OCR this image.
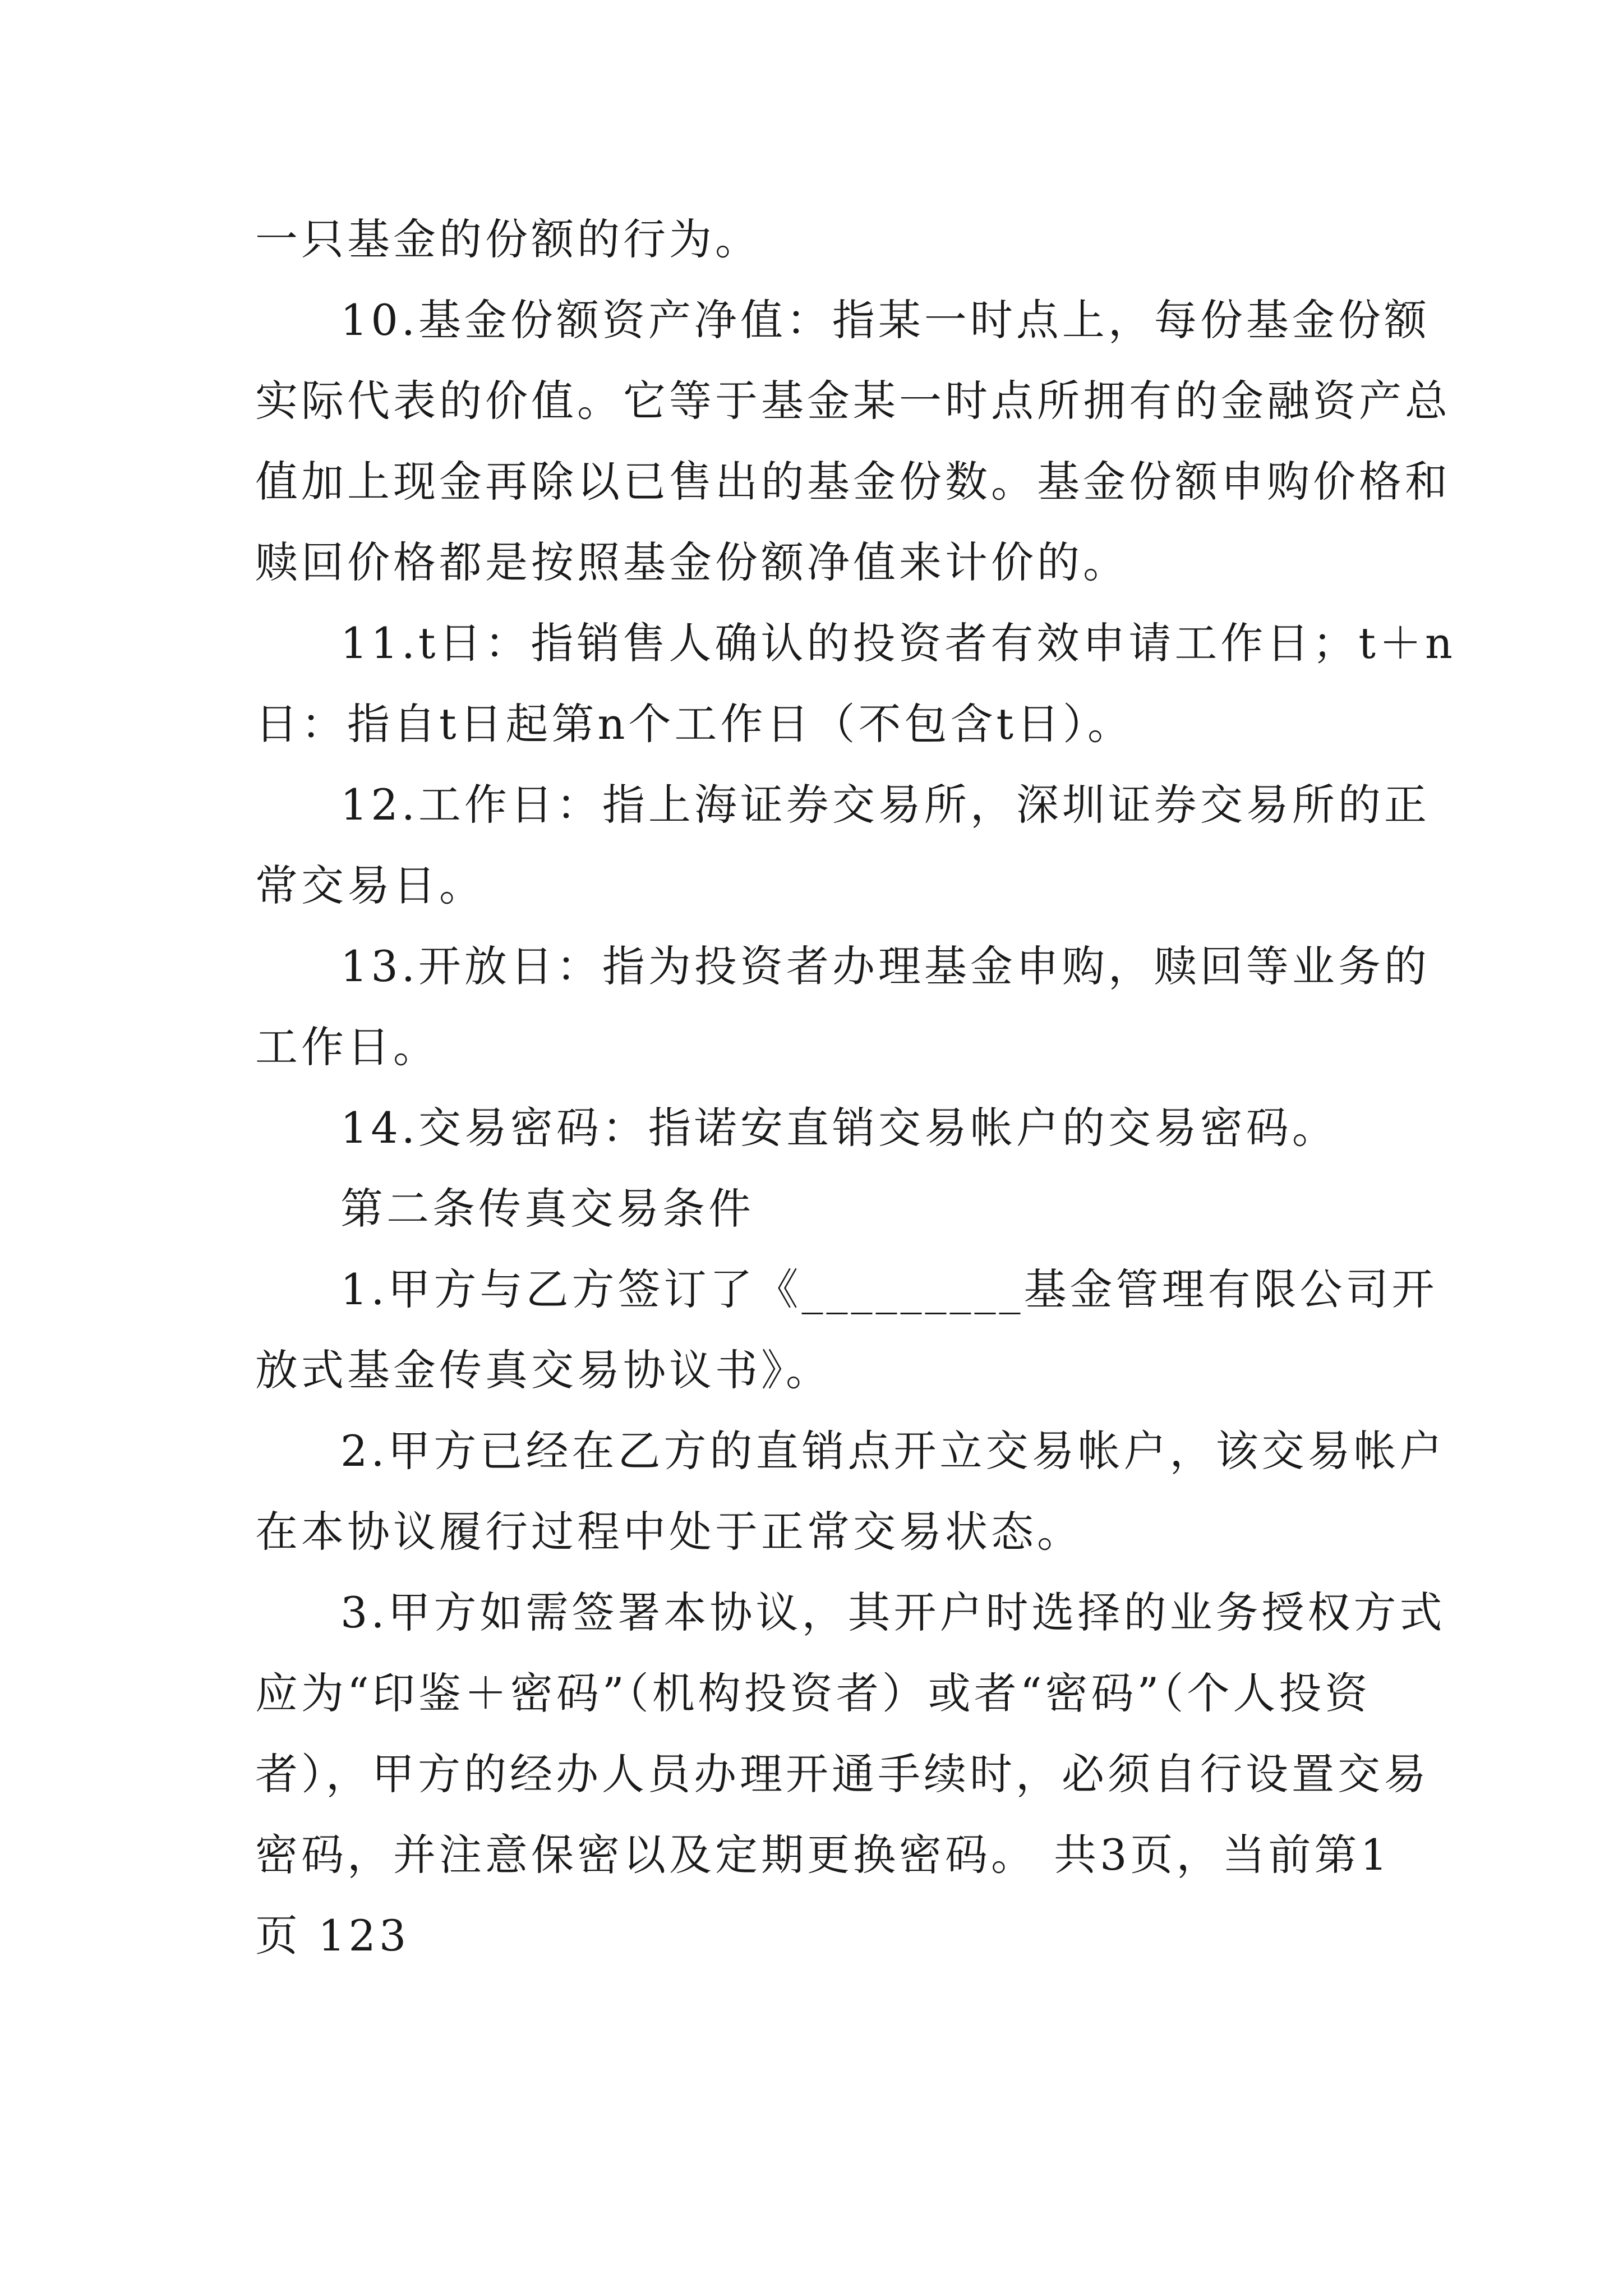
一只基金的份额的行为。
10.基金份额资产净值：指某一时点上，每份基金份额
实际代表的价值。它等于基金某一时点所拥有的金融资产总
值加上现金再除以已售出的基金份数。基金份额申购价格和
赎回价格都是按照基金份额净值来计价的。
11.t日：指销售人确认的投资者有效申请工作日；t＋n
日：指自t日起第n个工作日（不包含t日）。
12.工作日：指上海证券交易所，深圳证券交易所的正
常交易日。
13.开放日：指为投资者办理基金申购，赎回等业务的
工作日。
14.交易密码：指诺安直销交易帐户的交易密码。
第二条传真交易条件
1.甲方与乙方签订了《_________基金管理有限公司开
放式基金传真交易协议书》。
2.甲方已经在乙方的直销点开立交易帐户，该交易帐户
在本协议履行过程中处于正常交易状态。
3.甲方如需签署本协议，其开户时选择的业务授权方式
应为“印鉴＋密码”（机构投资者）或者“密码”（个人投资
者），甲方的经办人员办理开通手续时，必须自行设置交易
密码，并注意保密以及定期更换密码。 共3页，当前第1
页 123
